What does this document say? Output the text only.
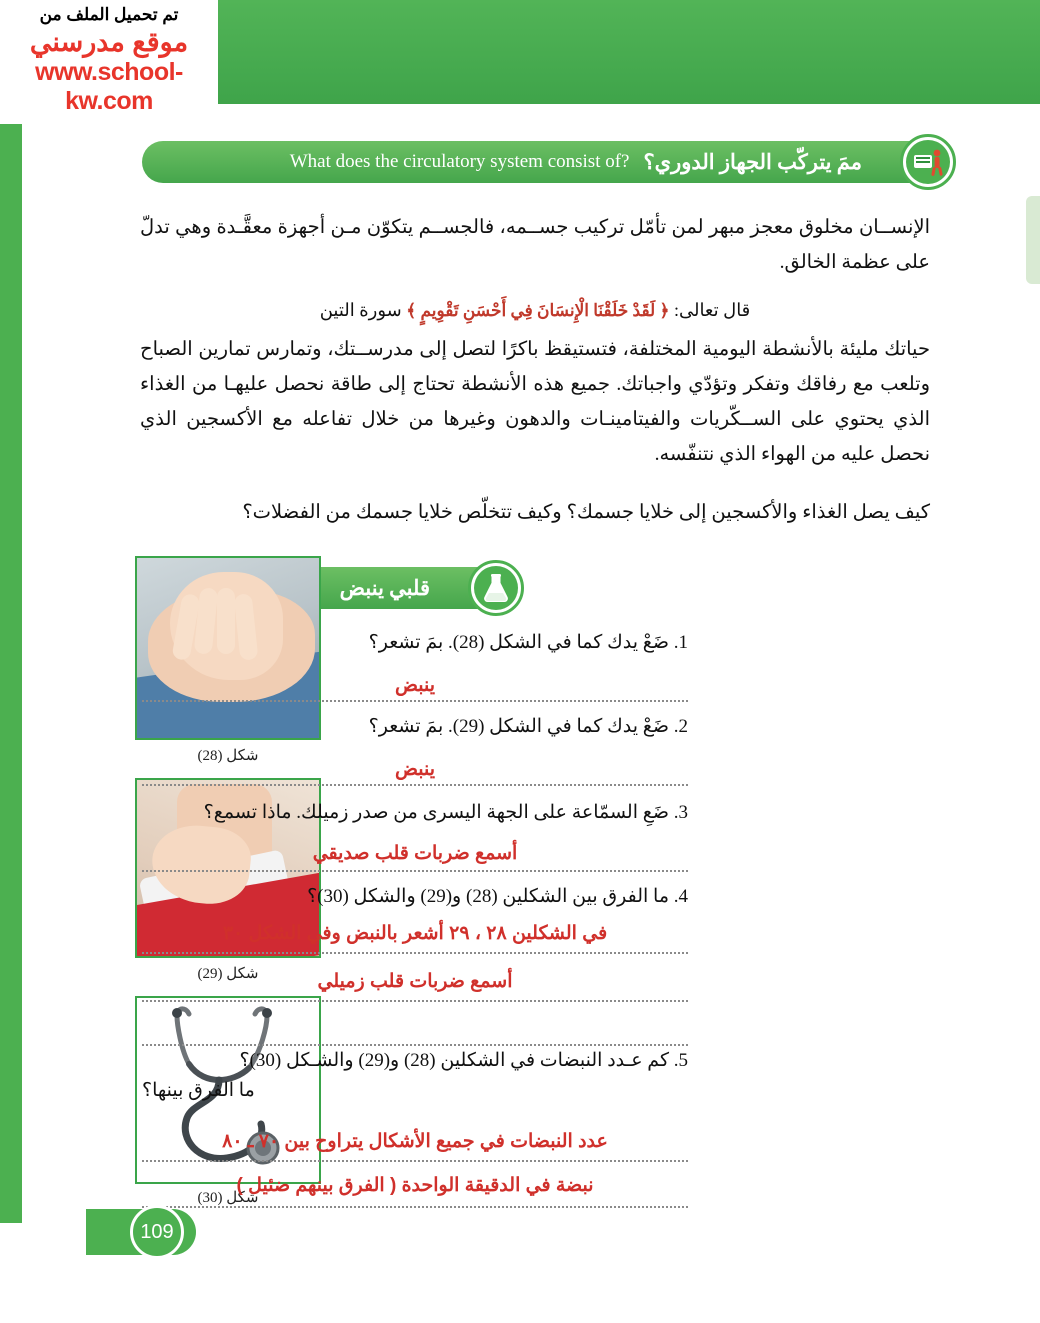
تم تحميل الملف من
موقع مدرسني
www.school-kw.com
ممَ يتركّب الجهاز الدوري؟
What does the circulatory system consist of?
الإنســان مخلوق معجز مبهر لمن تأمّل تركيب جســمه، فالجســم يتكوّن مـن أجهزة معقَّـدة وهي تدلّ على عظمة الخالق.
قال تعالى: ﴿ لَقَدْ خَلَقْنَا الْإِنسَانَ فِي أَحْسَنِ تَقْوِيمٍ ﴾ سورة التين
حياتك مليئة بالأنشطة اليومية المختلفة، فتستيقظ باكرًا لتصل إلى مدرســتك، وتمارس تمارين الصباح وتلعب مع رفاقك وتفكر وتؤدّي واجباتك. جميع هذه الأنشطة تحتاج إلى طاقة نحصل عليهـا من الغذاء الذي يحتوي على الســكّريات والفيتامينـات والدهون وغيرها من خلال تفاعله مع الأكسجين الذي نحصل عليه من الهواء الذي نتنفّسه.
كيف يصل الغذاء والأكسجين إلى خلايا جسمك؟ وكيف تتخلّص خلايا جسمك من الفضلات؟
قلبي ينبض
شكل (28)
شكل (29)
شكل (30)
1. ضَعْ يدك كما في الشكل (28). بمَ تشعر؟
ينبض
2. ضَعْ يدك كما في الشكل (29). بمَ تشعر؟
ينبض
3. ضَعِ السمّاعة على الجهة اليسرى من صدر زميلك. ماذا تسمع؟
أسمع ضربات قلب صديقي
4. ما الفرق بين الشكلين (28) و(29) والشكل (30)؟
في الشكلين ٢٨ ، ٢٩ أشعر بالنبض وفي الشكل ٣٠
أسمع ضربات قلب زميلي
5. كم عـدد النبضات في الشكلين (28) و(29) والشـكل (30)؟
ما الفرق بينها؟
عدد النبضات في جميع الأشكال يتراوح بين ٧٠ ـ ٨٠
نبضة في الدقيقة الواحدة ( الفرق بينهم ضئيل )
109
